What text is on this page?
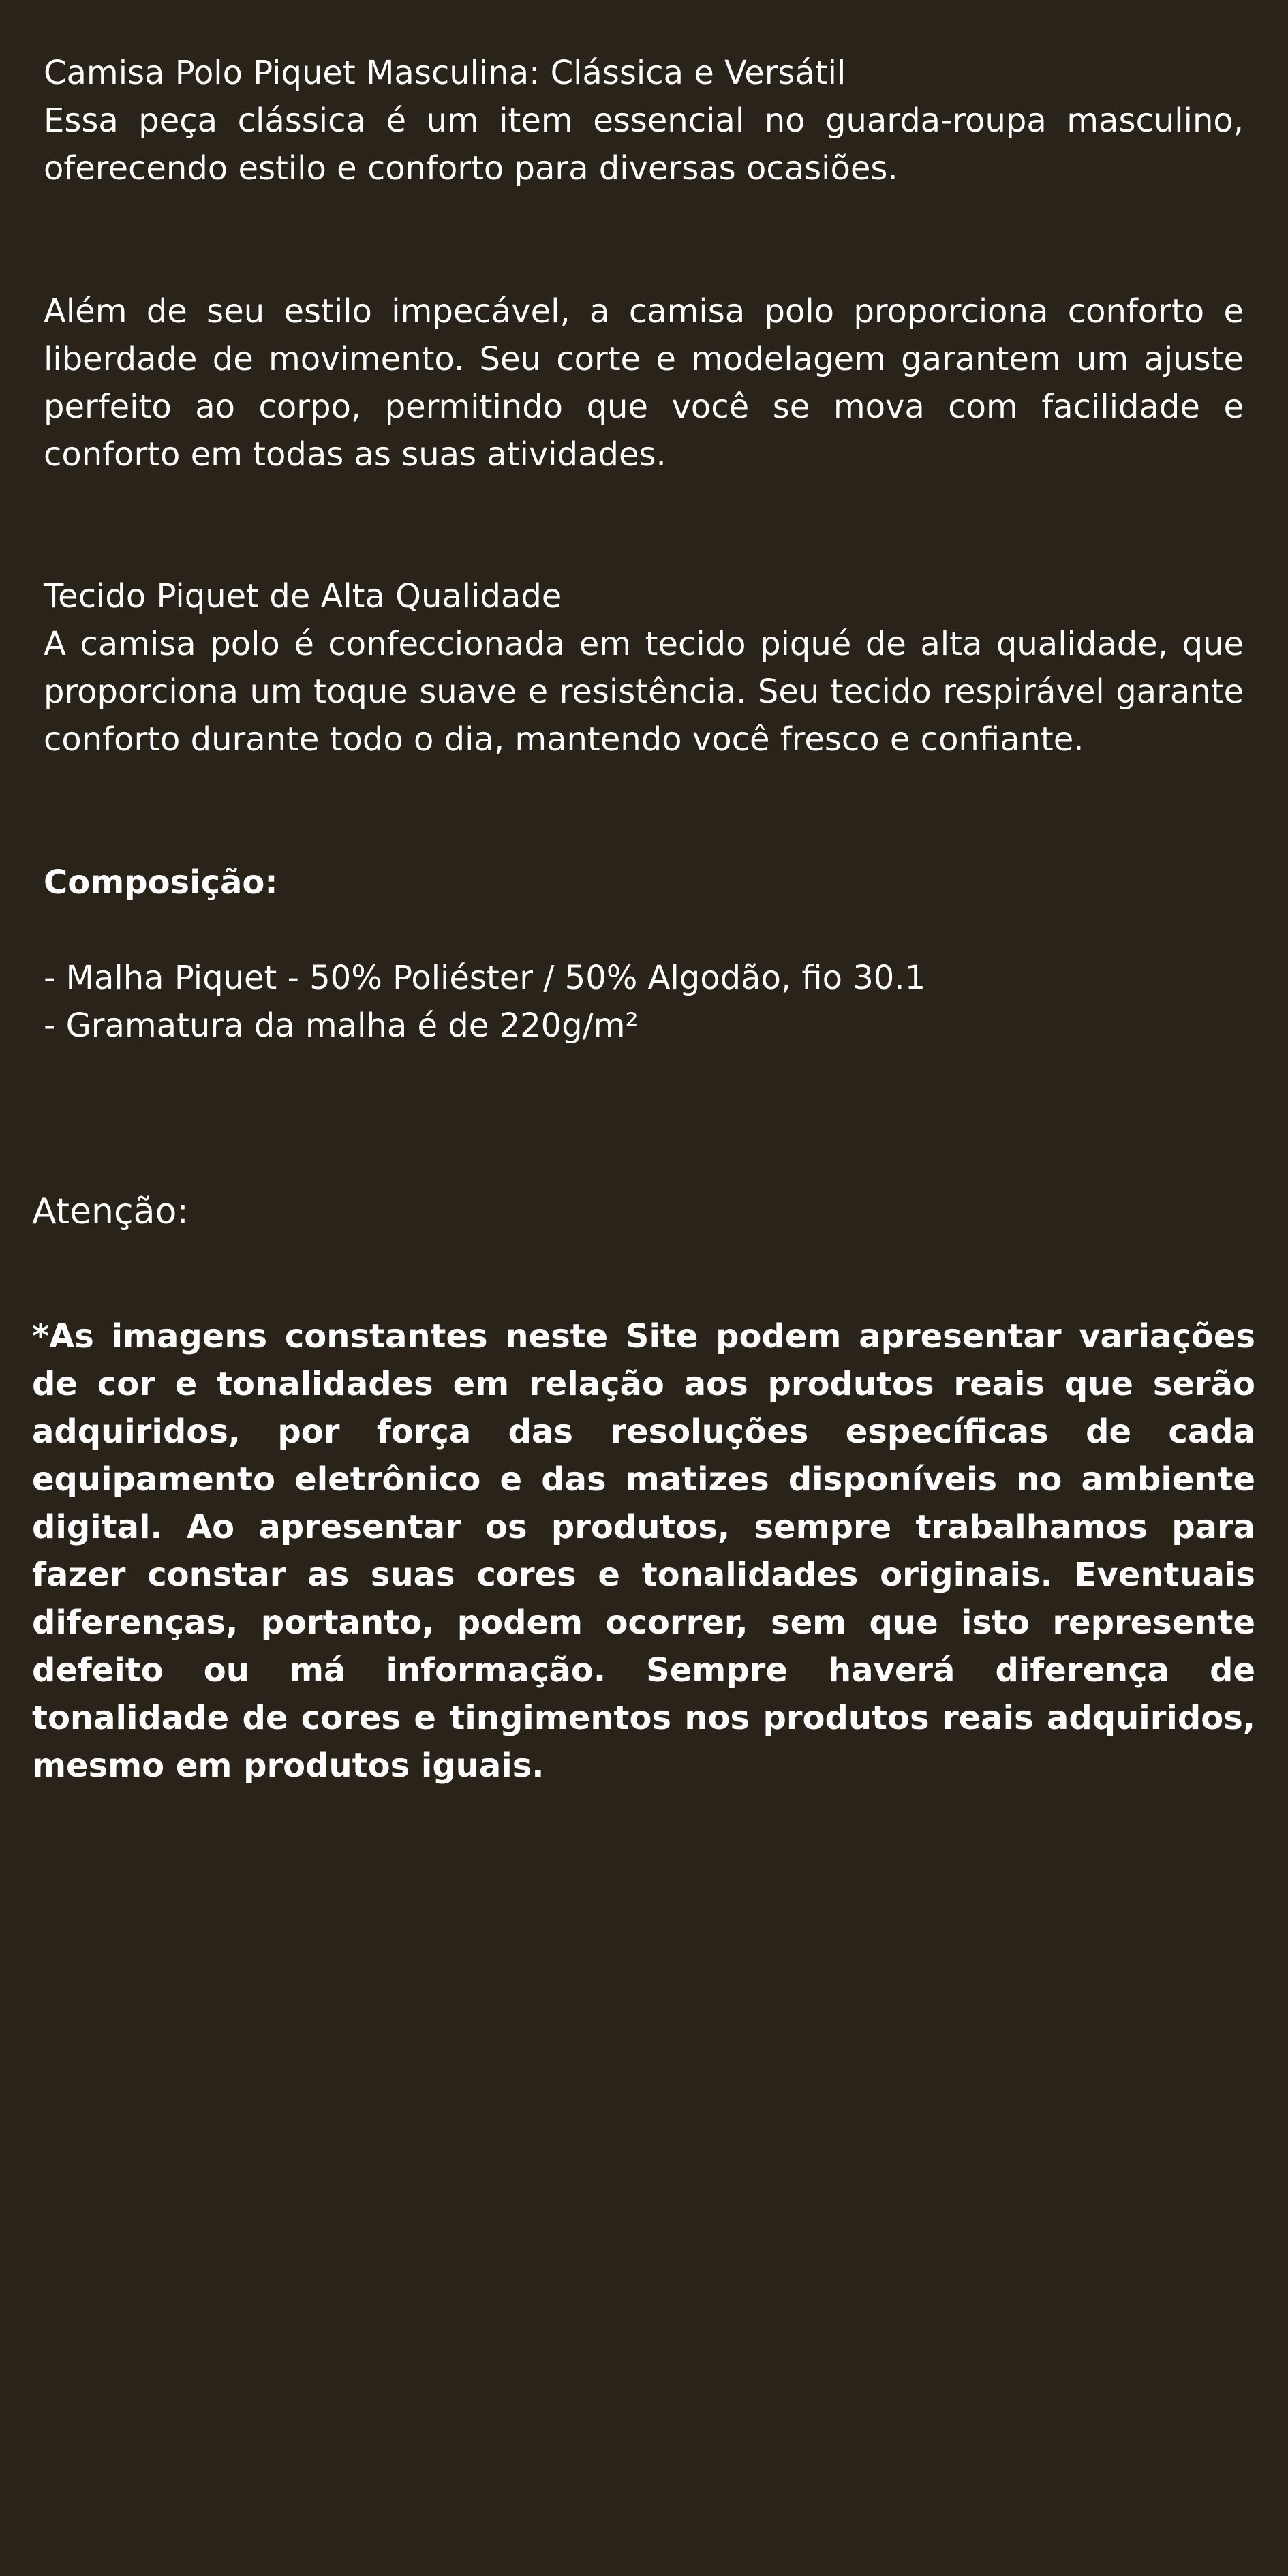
Camisa Polo Piquet Masculina: Clássica e Versátil

Essa peça clássica é um item essencial no guarda-roupa masculino, oferecendo estilo e conforto para diversas ocasiões.

Além de seu estilo impecável, a camisa polo proporciona conforto e liberdade de movimento. Seu corte e modelagem garantem um ajuste perfeito ao corpo, permitindo que você se mova com facilidade e conforto em todas as suas atividades.

Tecido Piquet de Alta Qualidade

A camisa polo é confeccionada em tecido piqué de alta qualidade, que proporciona um toque suave e resistência. Seu tecido respirável garante conforto durante todo o dia, mantendo você fresco e confiante.

Composição:

- Malha Piquet - 50% Poliéster / 50% Algodão, fio 30.1

- Gramatura da malha é de 220g/m²

Atenção:

*As imagens constantes neste Site podem apresentar variações de cor e tonalidades em relação aos produtos reais que serão adquiridos, por força das resoluções específicas de cada equipamento eletrônico e das matizes disponíveis no ambiente digital. Ao apresentar os produtos, sempre trabalhamos para fazer constar as suas cores e tonalidades originais. Eventuais diferenças, portanto, podem ocorrer, sem que isto represente defeito ou má informação. Sempre haverá diferença de tonalidade de cores e tingimentos nos produtos reais adquiridos, mesmo em produtos iguais.
